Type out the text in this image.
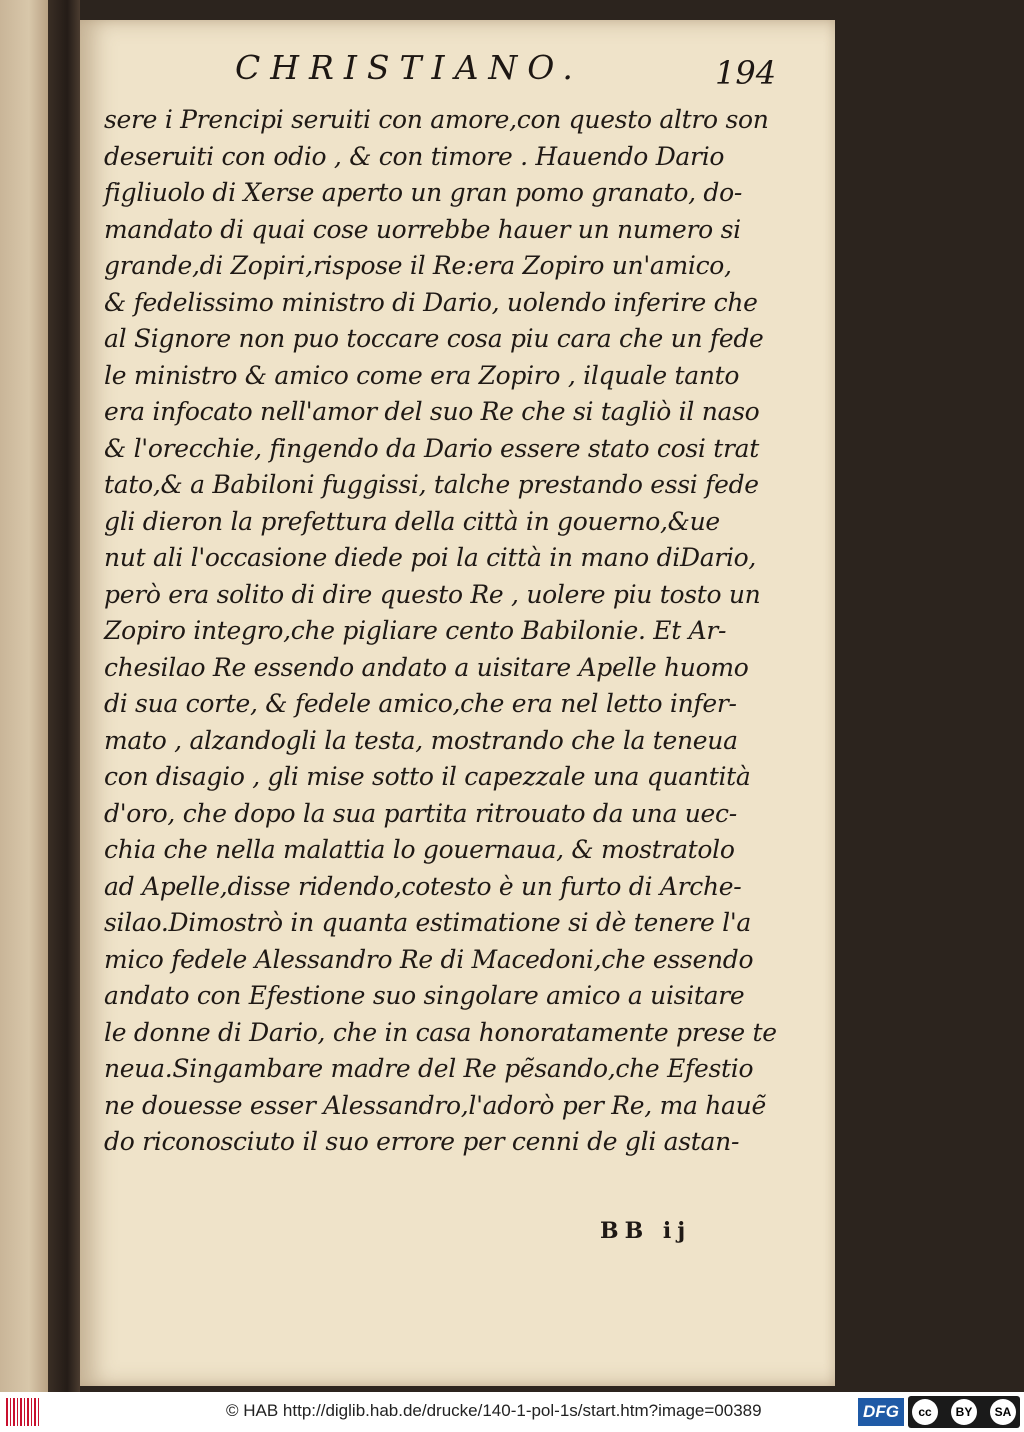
CHRISTIANO.	194
sere i Prencipi seruiti con amore,con questo altro son
deseruiti con odio , & con timore . Hauendo Dario
figliuolo di Xerse aperto un gran pomo granato, do-
mandato di quai cose uorrebbe hauer un numero si
grande,di Zopiri,rispose il Re:era Zopiro un'amico,
& fedelissimo ministro di Dario, uolendo inferire che
al Signore non puo toccare cosa piu cara che un fede
le ministro & amico come era Zopiro , ilquale tanto
era infocato nell'amor del suo Re che si tagliò il naso
& l'orecchie, fingendo da Dario essere stato cosi trat
tato,& a Babiloni fuggissi, talche prestando essi fede
gli dieron la prefettura della città in gouerno,&ue
nut ali l'occasione diede poi la città in mano diDario,
però era solito di dire questo Re , uolere piu tosto un
Zopiro integro,che pigliare cento Babilonie. Et Ar-
chesilao Re essendo andato a uisitare Apelle huomo
di sua corte, & fedele amico,che era nel letto infer-
mato , alzandogli la testa, mostrando che la teneua
con disagio , gli mise sotto il capezzale una quantità
d'oro, che dopo la sua partita ritrouato da una uec-
chia che nella malattia lo gouernaua, & mostratolo
ad Apelle,disse ridendo,cotesto è un furto di Arche-
silao.Dimostrò in quanta estimatione si dè tenere l'a
mico fedele Alessandro Re di Macedoni,che essendo
andato con Efestione suo singolare amico a uisitare
le donne di Dario, che in casa honoratamente prese te
neua.Singambare madre del Re pẽsando,che Efestio
ne douesse esser Alessandro,l'adorò per Re, ma hauẽ
do riconosciuto il suo errore per cenni de gli astan-
BB ij
© HAB http://diglib.hab.de/drucke/140-1-pol-1s/start.htm?image=00389	DFG	cc	BY	SA
